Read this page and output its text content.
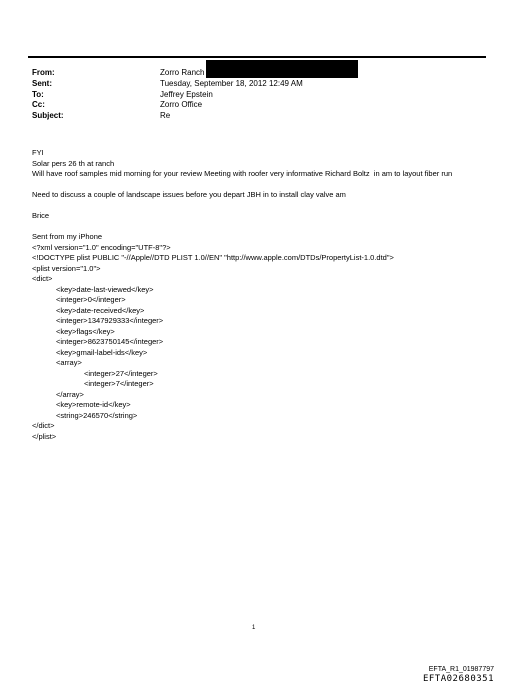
From:	Zorro Ranch
Sent:	Tuesday, September 18, 2012 12:49 AM
To:	Jeffrey Epstein
Cc:	Zorro Office
Subject:	Re

FYI

Solar pers 26 th at ranch

Will have roof samples mid morning for your review Meeting with roofer very informative Richard Boltz  in am to layout fiber run

Need to discuss a couple of landscape issues before you depart JBH in to install clay valve am

Brice

Sent from my iPhone

<?xml version="1.0" encoding="UTF-8"?>
<!DOCTYPE plist PUBLIC "-//Apple//DTD PLIST 1.0//EN" "http://www.apple.com/DTDs/PropertyList-1.0.dtd">
<plist version="1.0">
<dict>
<key>date-last-viewed</key>
<integer>0</integer>
<key>date-received</key>
<integer>1347929333</integer>
<key>flags</key>
<integer>8623750145</integer>
<key>gmail-label-ids</key>
<array>
<integer>27</integer>
<integer>7</integer>
</array>
<key>remote-id</key>
<string>246570</string>
</dict>
</plist>
1
EFTA_R1_01987797
EFTA02680351
